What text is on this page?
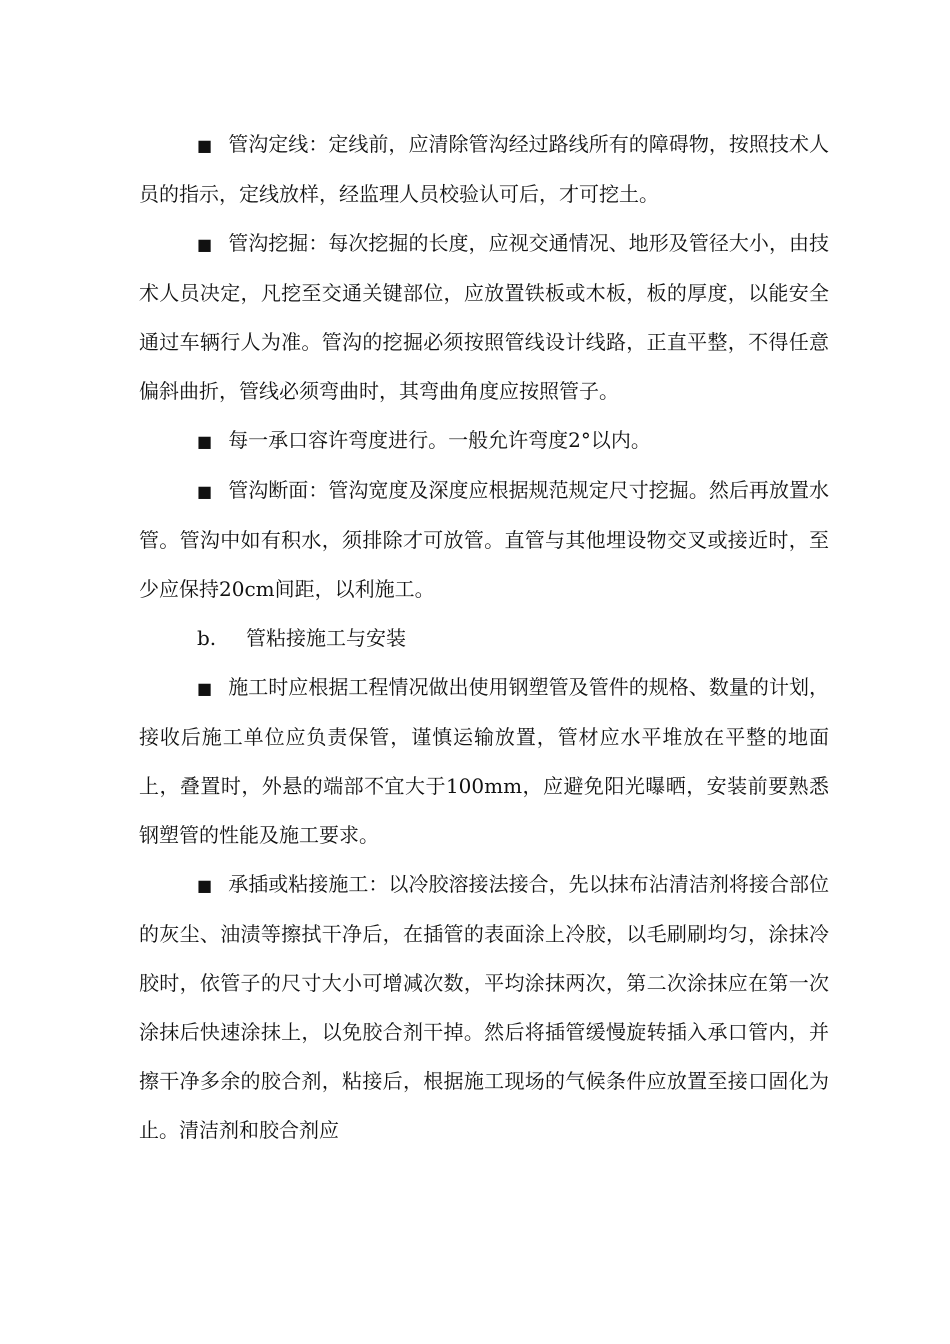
■ 管沟定线：定线前，应清除管沟经过路线所有的障碍物，按照技术人员的指示，定线放样，经监理人员校验认可后，才可挖土。

■ 管沟挖掘：每次挖掘的长度，应视交通情况、地形及管径大小，由技术人员决定，凡挖至交通关键部位，应放置铁板或木板，板的厚度，以能安全通过车辆行人为准。管沟的挖掘必须按照管线设计线路，正直平整，不得任意偏斜曲折，管线必须弯曲时，其弯曲角度应按照管子。

■ 每一承口容许弯度进行。一般允许弯度2°以内。

■ 管沟断面：管沟宽度及深度应根据规范规定尺寸挖掘。然后再放置水管。管沟中如有积水，须排除才可放管。直管与其他埋设物交叉或接近时，至少应保持20cm间距，以利施工。

b. 管粘接施工与安装

■ 施工时应根据工程情况做出使用钢塑管及管件的规格、数量的计划，接收后施工单位应负责保管，谨慎运输放置，管材应水平堆放在平整的地面上，叠置时，外悬的端部不宜大于100mm，应避免阳光曝晒，安装前要熟悉钢塑管的性能及施工要求。

■ 承插或粘接施工：以冷胶溶接法接合，先以抹布沾清洁剂将接合部位的灰尘、油渍等擦拭干净后，在插管的表面涂上冷胶，以毛刷刷均匀，涂抹冷胶时，依管子的尺寸大小可增减次数，平均涂抹两次，第二次涂抹应在第一次涂抹后快速涂抹上，以免胶合剂干掉。然后将插管缓慢旋转插入承口管内，并擦干净多余的胶合剂，粘接后，根据施工现场的气候条件应放置至接口固化为止。清洁剂和胶合剂应
